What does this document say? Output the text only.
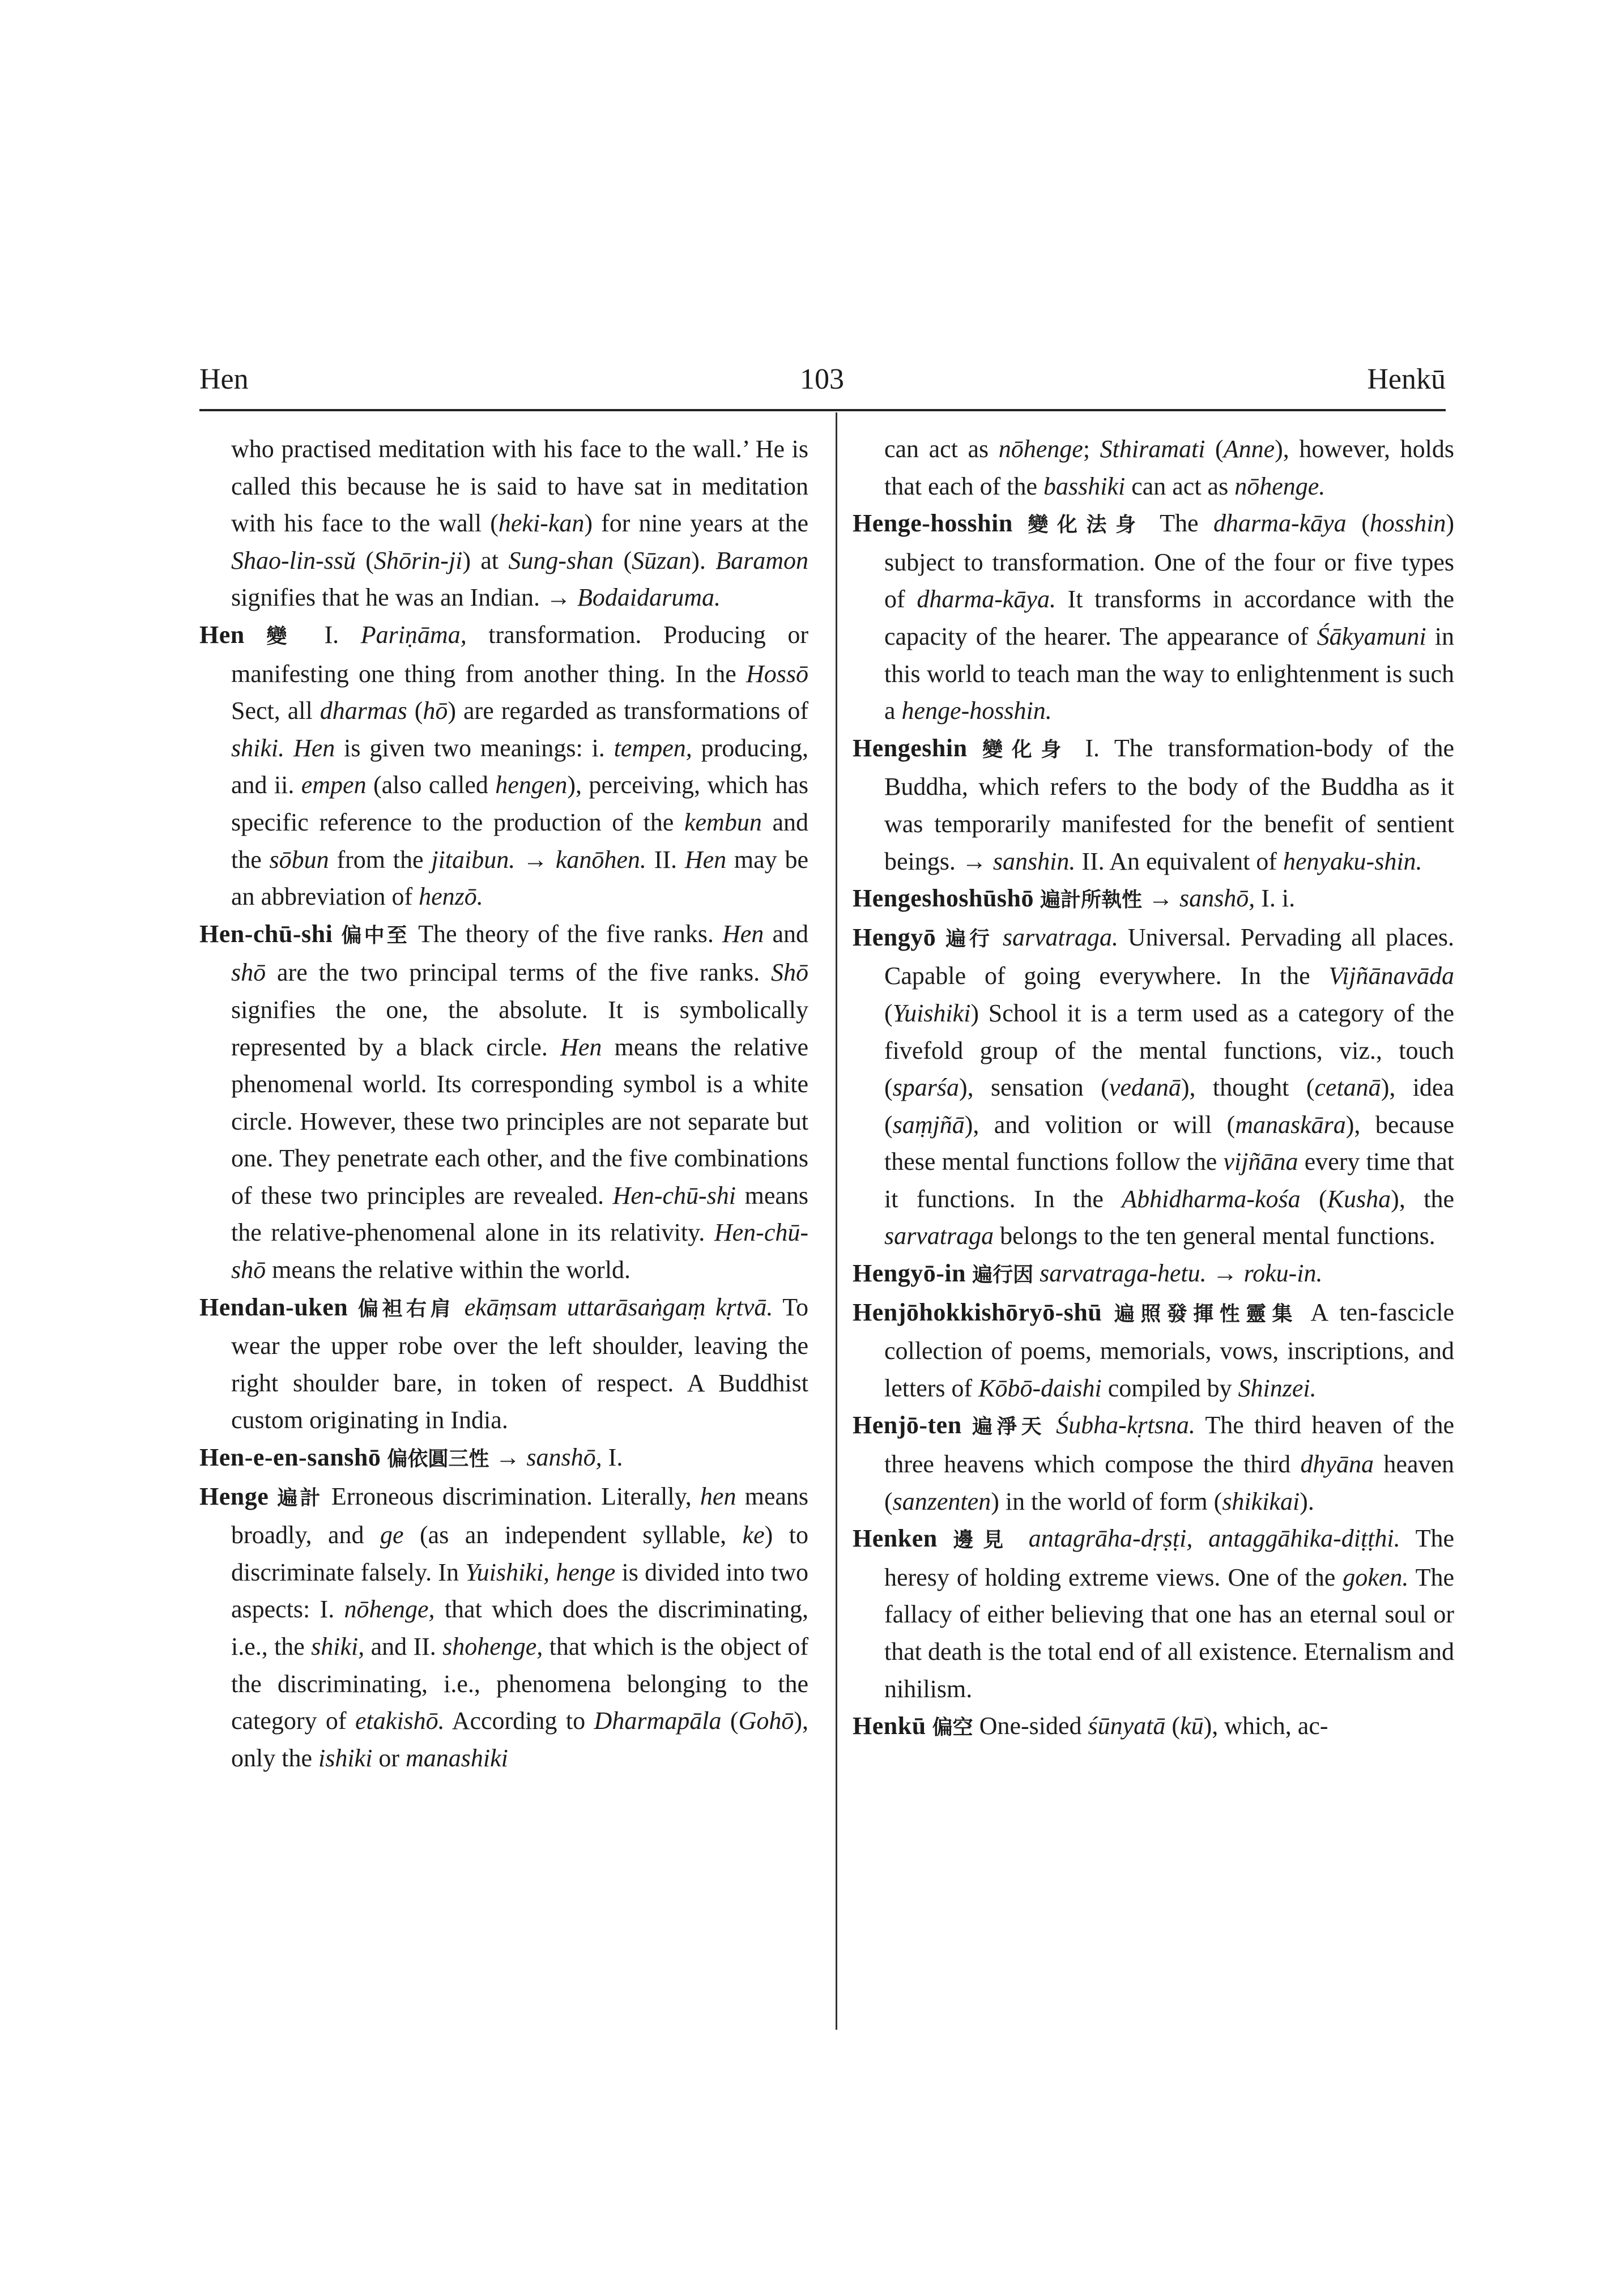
Hen	103	Henkū

who practised meditation with his face to the wall.’ He is called this because he is said to have sat in meditation with his face to the wall (heki-kan) for nine years at the Shao-lin-ssŭ (Shōrin-ji) at Sung-shan (Sūzan). Baramon signifies that he was an Indian. → Bodaidaruma.

Hen 變 I. Pariṇāma, transformation. Producing or manifesting one thing from another thing. In the Hossō Sect, all dharmas (hō) are regarded as transformations of shiki. Hen is given two meanings: i. tempen, producing, and ii. empen (also called hengen), perceiving, which has specific reference to the production of the kembun and the sōbun from the jitaibun. → kanōhen. II. Hen may be an abbreviation of henzō.

Hen-chū-shi 偏中至 The theory of the five ranks. Hen and shō are the two principal terms of the five ranks. Shō signifies the one, the absolute. It is symbolically represented by a black circle. Hen means the relative phenomenal world. Its corresponding symbol is a white circle. However, these two principles are not separate but one. They penetrate each other, and the five combinations of these two principles are revealed. Hen-chū-shi means the relative-phenomenal alone in its relativity. Hen-chū-shō means the relative within the world.

Hendan-uken 偏袒右肩 ekāṃsam uttarāsaṅgaṃ kṛtvā. To wear the upper robe over the left shoulder, leaving the right shoulder bare, in token of respect. A Buddhist custom originating in India.

Hen-e-en-sanshō 偏依圓三性 → sanshō, I.

Henge 遍計 Erroneous discrimination. Literally, hen means broadly, and ge (as an independent syllable, ke) to discriminate falsely. In Yuishiki, henge is divided into two aspects: I. nōhenge, that which does the discriminating, i.e., the shiki, and II. shohenge, that which is the object of the discriminating, i.e., phenomena belonging to the category of etakishō. According to Dharmapāla (Gohō), only the ishiki or manashiki

can act as nōhenge; Sthiramati (Anne), however, holds that each of the basshiki can act as nōhenge.

Henge-hosshin 變化法身 The dharma-kāya (hosshin) subject to transformation. One of the four or five types of dharma-kāya. It transforms in accordance with the capacity of the hearer. The appearance of Śākyamuni in this world to teach man the way to enlightenment is such a henge-hosshin.

Hengeshin 變化身 I. The transformation-body of the Buddha, which refers to the body of the Buddha as it was temporarily manifested for the benefit of sentient beings. → sanshin. II. An equivalent of henyaku-shin.

Hengeshoshūshō 遍計所執性 → sanshō, I. i.

Hengyō 遍行 sarvatraga. Universal. Pervading all places. Capable of going everywhere. In the Vijñānavāda (Yuishiki) School it is a term used as a category of the fivefold group of the mental functions, viz., touch (sparśa), sensation (vedanā), thought (cetanā), idea (saṃjñā), and volition or will (manaskāra), because these mental functions follow the vijñāna every time that it functions. In the Abhidharma-kośa (Kusha), the sarvatraga belongs to the ten general mental functions.

Hengyō-in 遍行因 sarvatraga-hetu. → roku-in.

Henjōhokkishōryō-shū 遍照發揮性靈集 A ten-fascicle collection of poems, memorials, vows, inscriptions, and letters of Kōbō-daishi compiled by Shinzei.

Henjō-ten 遍淨天 Śubha-kṛtsna. The third heaven of the three heavens which compose the third dhyāna heaven (sanzenten) in the world of form (shikikai).

Henken 邊見 antagrāha-dṛṣṭi, antaggāhika-diṭṭhi. The heresy of holding extreme views. One of the goken. The fallacy of either believing that one has an eternal soul or that death is the total end of all existence. Eternalism and nihilism.

Henkū 偏空 One-sided śūnyatā (kū), which, ac-
